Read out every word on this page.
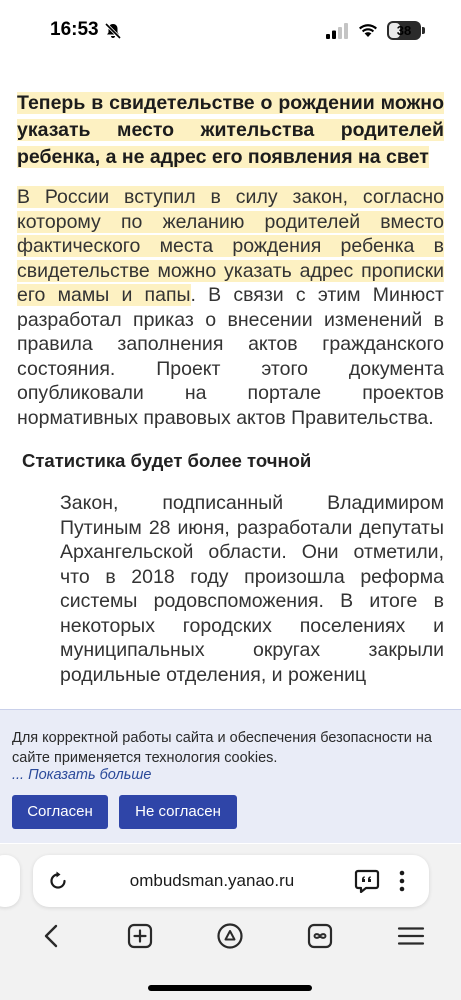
16:53	38

Теперь в свидетельстве о рождении можно указать место жительства родителей ребенка, а не адрес его появления на свет

В России вступил в силу закон, согласно которому по желанию родителей вместо фактического места рождения ребенка в свидетельстве можно указать адрес прописки его мамы и папы. В связи с этим Минюст разработал приказ о внесении изменений в правила заполнения актов гражданского состояния. Проект этого документа опубликовали на портале проектов нормативных правовых актов Правительства.

Статистика будет более точной

Закон, подписанный Владимиром Путиным 28 июня, разработали депутаты Архангельской области. Они отметили, что в 2018 году произошла реформа системы родовспоможения. В итоге в некоторых городских поселениях и муниципальных округах закрыли родильные отделения, и рожениц

Для корректной работы сайта и обеспечения безопасности на сайте применяется технология cookies.

... Показать больше
Согласен	Не согласен
ombudsman.yanao.ru
